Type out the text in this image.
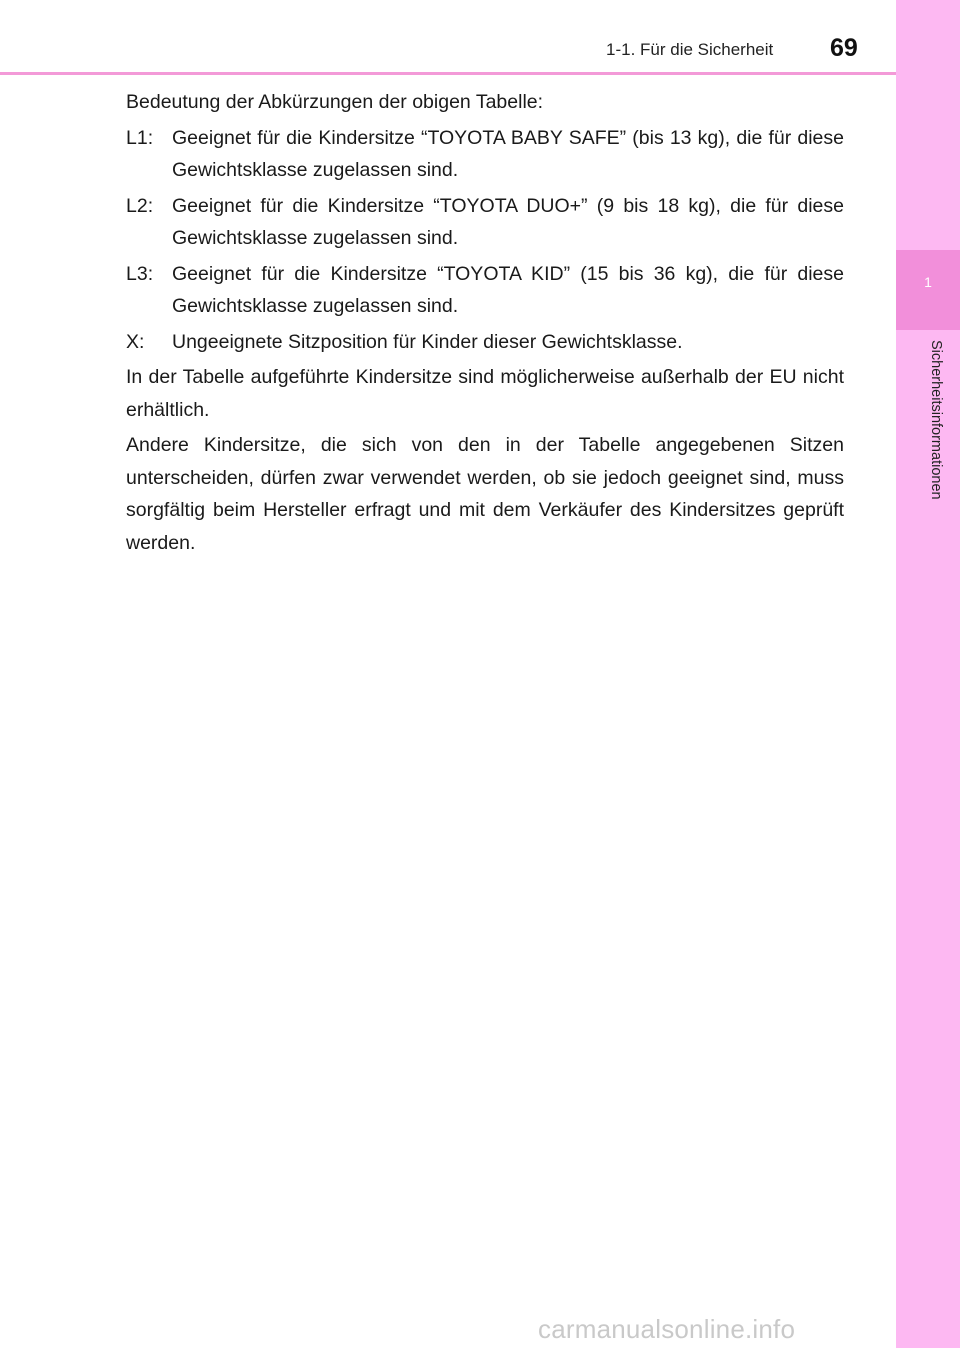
1-1. Für die Sicherheit 69
1
Sicherheitsinformationen

Bedeutung der Abkürzungen der obigen Tabelle:

L1: Geeignet für die Kindersitze “TOYOTA BABY SAFE” (bis 13 kg), die für diese Gewichtsklasse zugelassen sind.
L2: Geeignet für die Kindersitze “TOYOTA DUO+” (9 bis 18 kg), die für diese Gewichtsklasse zugelassen sind.
L3: Geeignet für die Kindersitze “TOYOTA KID” (15 bis 36 kg), die für diese Gewichtsklasse zugelassen sind.
X:	Ungeeignete Sitzposition für Kinder dieser Gewichtsklasse.

In der Tabelle aufgeführte Kindersitze sind möglicherweise außerhalb der EU nicht erhältlich.

Andere Kindersitze, die sich von den in der Tabelle angegebenen Sitzen unterscheiden, dürfen zwar verwendet werden, ob sie jedoch geeignet sind, muss sorgfältig beim Hersteller erfragt und mit dem Verkäufer des Kindersitzes geprüft werden.

carmanualsonline.info
